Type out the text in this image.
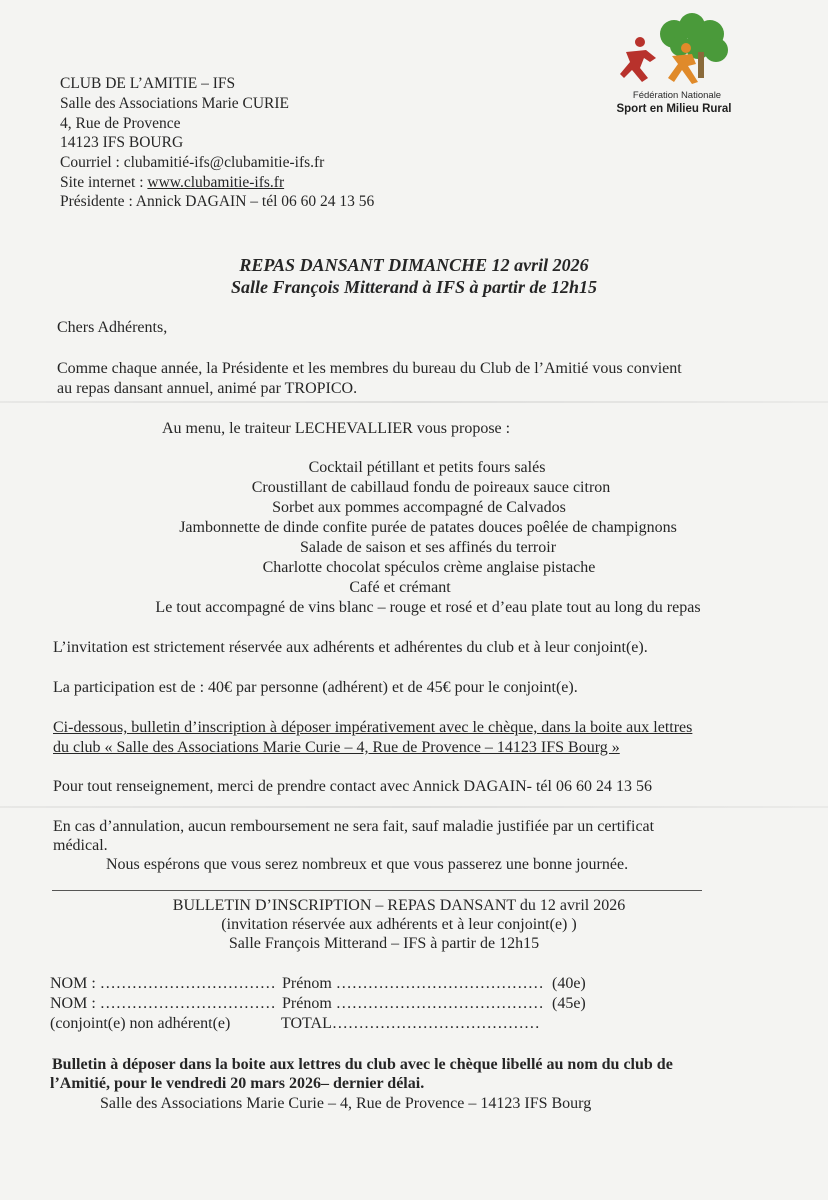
Fédération Nationale
Sport en Milieu Rural
CLUB DE L’AMITIE – IFS
Salle des Associations Marie CURIE
4, Rue de Provence
14123 IFS BOURG
Courriel : clubamitié-ifs@clubamitie-ifs.fr
Site internet : www.clubamitie-ifs.fr
Présidente : Annick DAGAIN – tél 06 60 24 13 56
REPAS DANSANT DIMANCHE 12 avril 2026
Salle François Mitterand à IFS à partir de 12h15
Chers Adhérents,
Comme chaque année, la Présidente et les membres du bureau du Club de l’Amitié vous convient
au repas dansant annuel, animé par TROPICO.
Au menu, le traiteur LECHEVALLIER vous propose :
Cocktail pétillant et petits fours salés
Croustillant de cabillaud fondu de poireaux sauce citron
Sorbet aux pommes accompagné de Calvados
Jambonnette de dinde confite purée de patates douces poêlée de champignons
Salade de saison et ses affinés du terroir
Charlotte chocolat spéculos crème anglaise pistache
Café et crémant
Le tout accompagné de vins blanc – rouge et rosé et d’eau plate tout au long du repas
L’invitation est strictement réservée aux adhérents et adhérentes du club et à leur conjoint(e).
La participation est de : 40€ par personne (adhérent) et de 45€ pour le conjoint(e).
Ci-dessous, bulletin d’inscription à déposer impérativement avec le chèque, dans la boite aux lettres
du club « Salle des Associations Marie Curie – 4, Rue de Provence – 14123 IFS Bourg »
Pour tout renseignement, merci de prendre contact avec Annick DAGAIN- tél 06 60 24 13 56
En cas d’annulation, aucun remboursement ne sera fait, sauf maladie justifiée par un certificat
médical.
Nous espérons que vous serez nombreux et que vous passerez une bonne journée.
BULLETIN D’INSCRIPTION – REPAS DANSANT du 12 avril 2026
(invitation réservée aux adhérents et à leur conjoint(e) )
Salle François Mitterand – IFS à partir de 12h15
NOM : …………………………… Prénom ………………………………… (40e)
NOM : …………………………… Prénom ………………………………… (45e)
(conjoint(e) non adhérent(e)	TOTAL…………………………………
Bulletin à déposer dans la boite aux lettres du club avec le chèque libellé au nom du club de
l’Amitié, pour le vendredi 20 mars 2026– dernier délai.
Salle des Associations Marie Curie – 4, Rue de Provence – 14123 IFS Bourg
